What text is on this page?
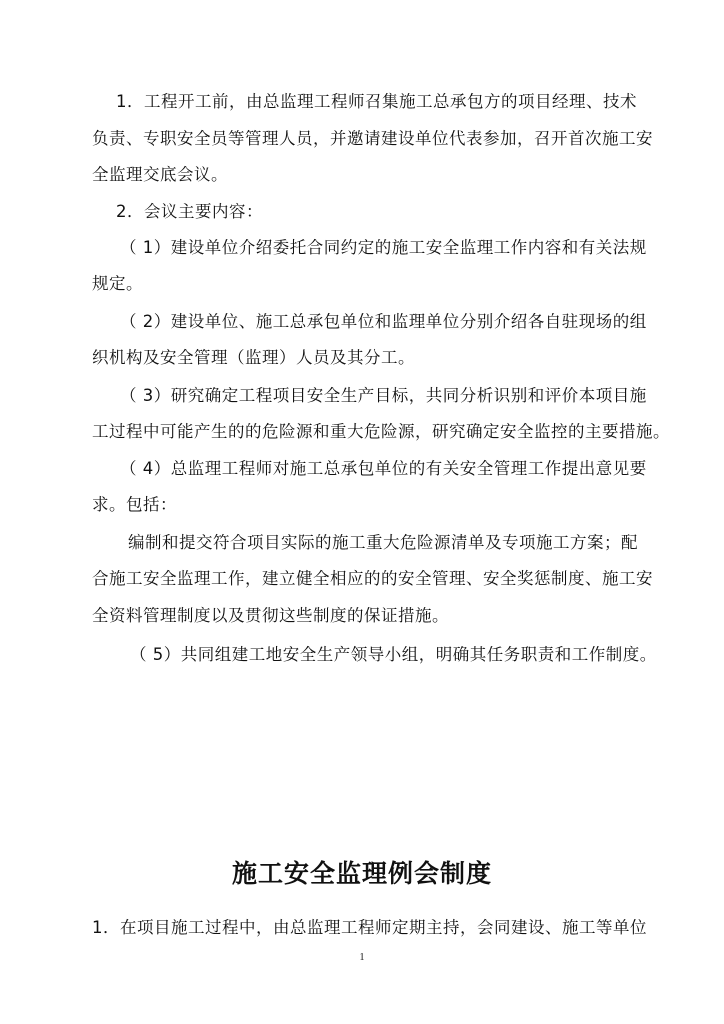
1．工程开工前，由总监理工程师召集施工总承包方的项目经理、技术
负责、专职安全员等管理人员，并邀请建设单位代表参加，召开首次施工安
全监理交底会议。
2．会议主要内容：
（ 1）建设单位介绍委托合同约定的施工安全监理工作内容和有关法规
规定。
（ 2）建设单位、施工总承包单位和监理单位分别介绍各自驻现场的组
织机构及安全管理（监理）人员及其分工。
（ 3）研究确定工程项目安全生产目标，共同分析识别和评价本项目施
工过程中可能产生的的危险源和重大危险源，研究确定安全监控的主要措施。
（ 4）总监理工程师对施工总承包单位的有关安全管理工作提出意见要
求。包括：
编制和提交符合项目实际的施工重大危险源清单及专项施工方案；配
合施工安全监理工作，建立健全相应的的安全管理、安全奖惩制度、施工安
全资料管理制度以及贯彻这些制度的保证措施。
（ 5）共同组建工地安全生产领导小组，明确其任务职责和工作制度。
施工安全监理例会制度
1．在项目施工过程中，由总监理工程师定期主持，会同建设、施工等单位
1
